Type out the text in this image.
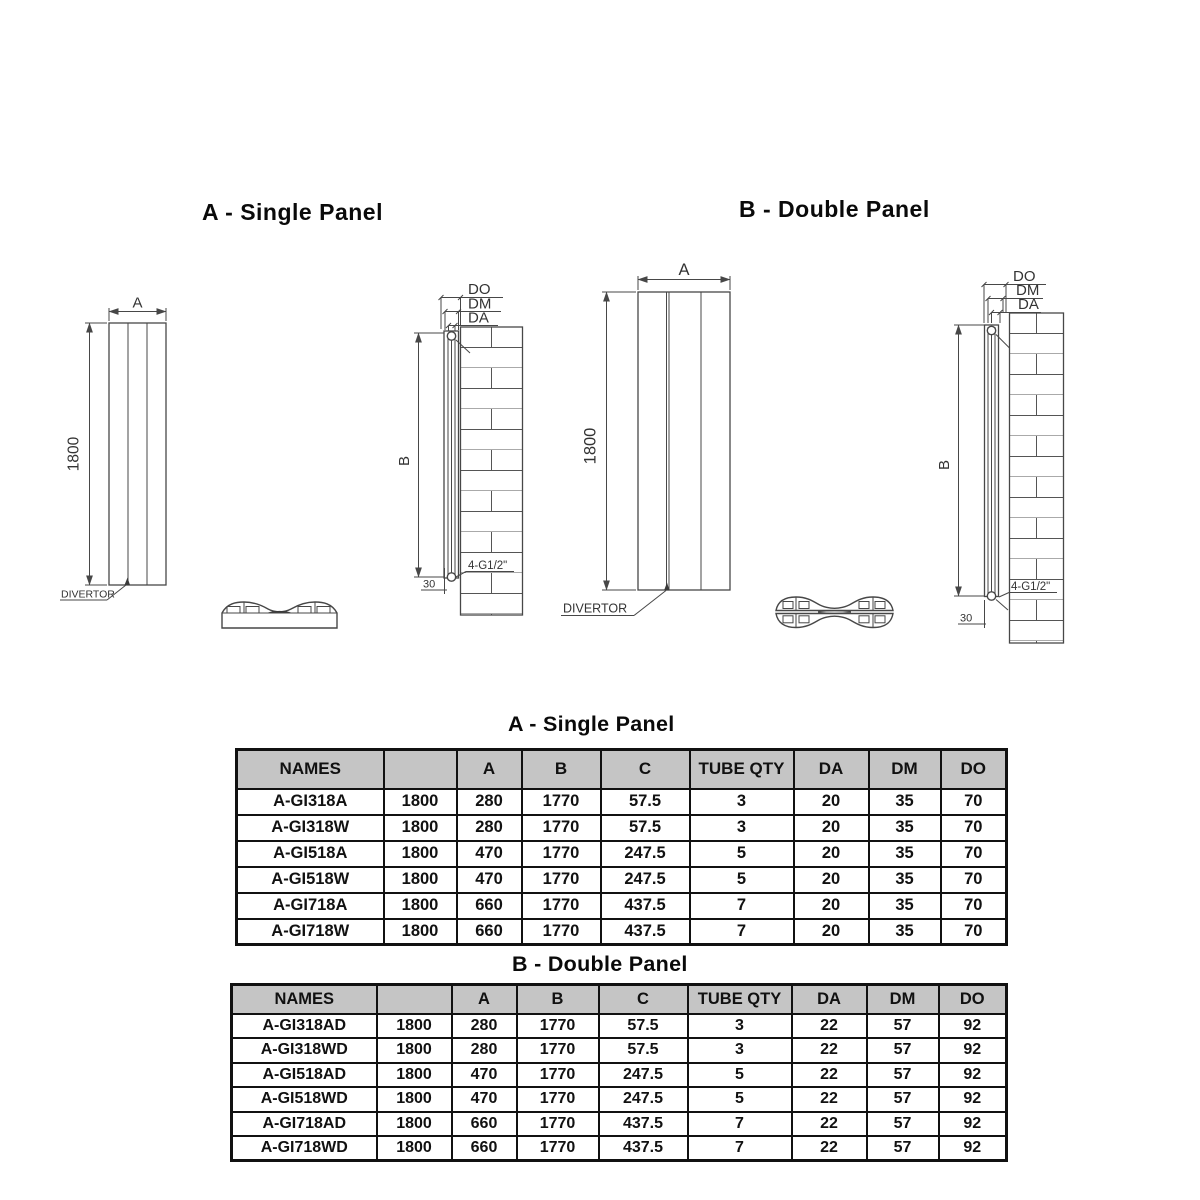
A - Single Panel	B - Double Panel
A
1800
DIVERTOR
B
DO
DM
DA
30
4-G1/2"
A
1800
DIVERTOR
B
DO
DM
DA
4-G1/2"
30
A - Single Panel
NAMES		A	B	C	TUBE QTY	DA	DM	DO
A-GI318A	1800	280	1770	57.5	3	20	35	70
A-GI318W	1800	280	1770	57.5	3	20	35	70
A-GI518A	1800	470	1770	247.5	5	20	35	70
A-GI518W	1800	470	1770	247.5	5	20	35	70
A-GI718A	1800	660	1770	437.5	7	20	35	70
A-GI718W	1800	660	1770	437.5	7	20	35	70
B - Double Panel
NAMES		A	B	C	TUBE QTY	DA	DM	DO
A-GI318AD	1800	280	1770	57.5	3	22	57	92
A-GI318WD	1800	280	1770	57.5	3	22	57	92
A-GI518AD	1800	470	1770	247.5	5	22	57	92
A-GI518WD	1800	470	1770	247.5	5	22	57	92
A-GI718AD	1800	660	1770	437.5	7	22	57	92
A-GI718WD	1800	660	1770	437.5	7	22	57	92
